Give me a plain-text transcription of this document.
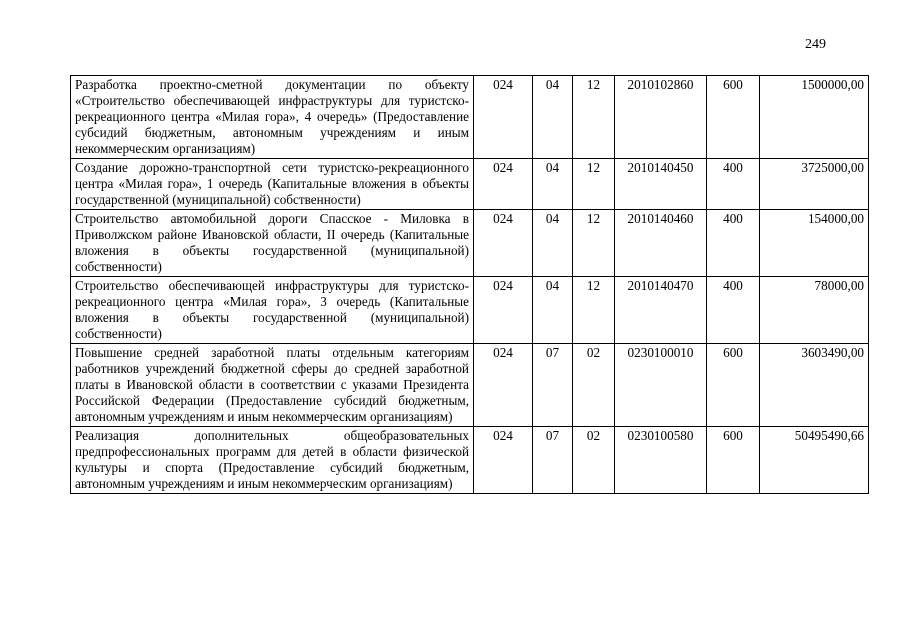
249
Разработка проектно-сметной документации по объекту «Строительство обеспечивающей инфраструктуры для туристско-рекреационного центра «Милая гора», 4 очередь» (Предоставление субсидий бюджетным, автономным учреждениям и иным некоммерческим организациям)	024	04	12	2010102860	600	1500000,00
Создание дорожно-транспортной сети туристско-рекреационного центра «Милая гора», 1 очередь (Капитальные вложения в объекты государственной (муниципальной) собственности)	024	04	12	2010140450	400	3725000,00
Строительство автомобильной дороги Спасское - Миловка в Приволжском районе Ивановской области, II очередь (Капитальные вложения в объекты государственной (муниципальной) собственности)	024	04	12	2010140460	400	154000,00
Строительство обеспечивающей инфраструктуры для туристско-рекреационного центра «Милая гора», 3 очередь (Капитальные вложения в объекты государственной (муниципальной) собственности)	024	04	12	2010140470	400	78000,00
Повышение средней заработной платы отдельным категориям работников учреждений бюджетной сферы до средней заработной платы в Ивановской области в соответствии с указами Президента Российской Федерации (Предоставление субсидий бюджетным, автономным учреждениям и иным некоммерческим организациям)	024	07	02	0230100010	600	3603490,00
Реализация дополнительных общеобразовательных предпрофессиональных программ для детей в области физической культуры и спорта (Предоставление субсидий бюджетным, автономным учреждениям и иным некоммерческим организациям)	024	07	02	0230100580	600	50495490,66
